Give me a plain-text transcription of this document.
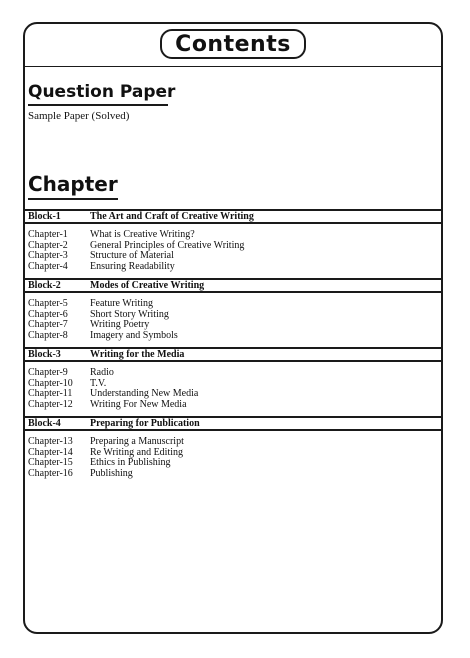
Contents
Question Paper
Sample Paper (Solved)
Chapter
Block-1	The Art and Craft of Creative Writing
Chapter-1 What is Creative Writing?
Chapter-2 General Principles of Creative Writing
Chapter-3 Structure of Material
Chapter-4 Ensuring Readability
Block-2	Modes of Creative Writing
Chapter-5 Feature Writing
Chapter-6 Short Story Writing
Chapter-7 Writing Poetry
Chapter-8 Imagery and Symbols
Block-3	Writing for the Media
Chapter-9 Radio
Chapter-10 T.V.
Chapter-11 Understanding New Media
Chapter-12 Writing For New Media
Block-4	Preparing for Publication
Chapter-13 Preparing a Manuscript
Chapter-14 Re Writing and Editing
Chapter-15 Ethics in Publishing
Chapter-16 Publishing
